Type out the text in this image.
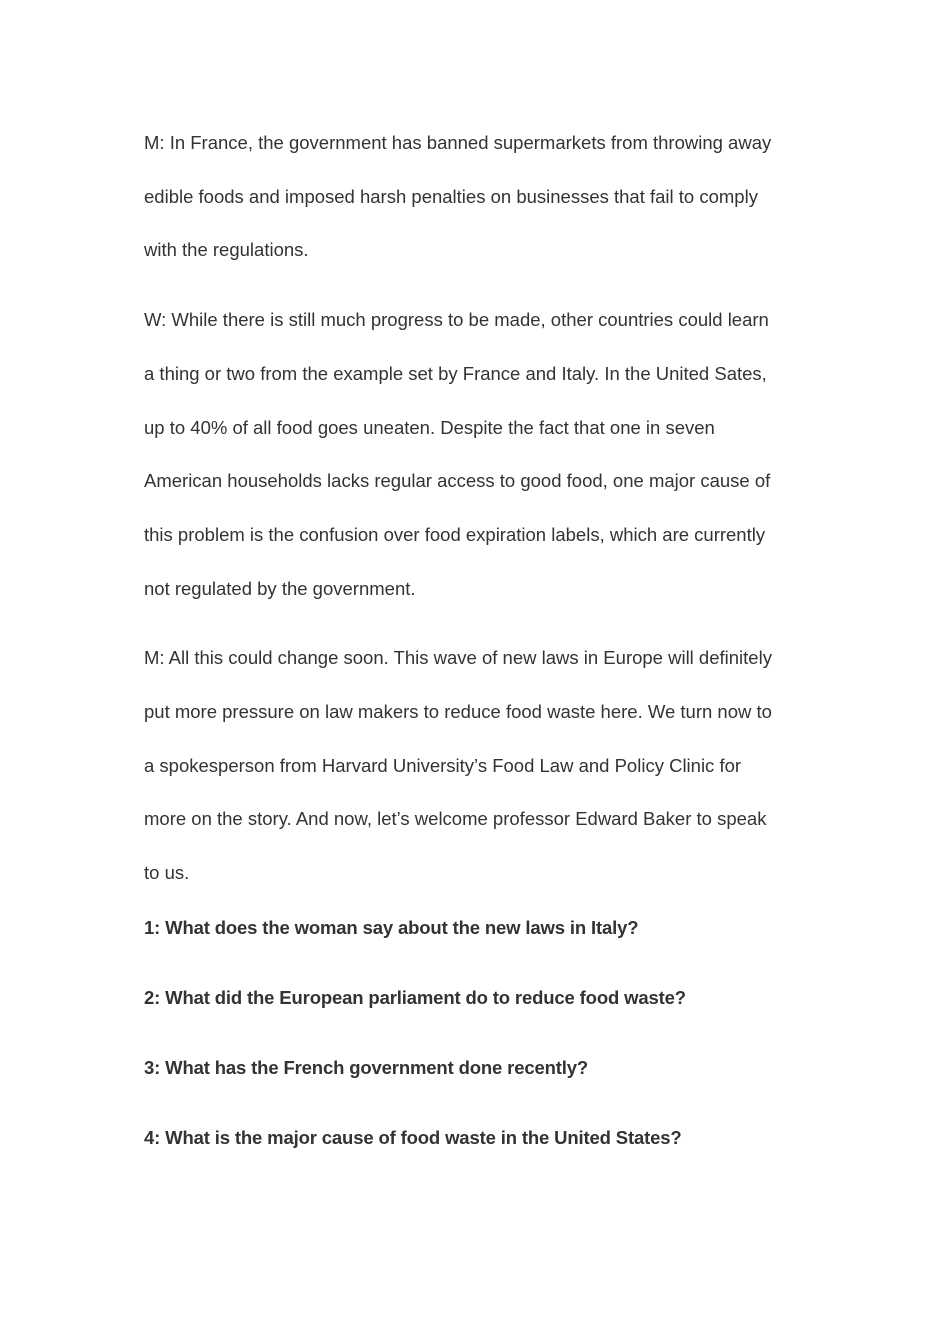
M: In France, the government has banned supermarkets from throwing away
edible foods and imposed harsh penalties on businesses that fail to comply
with the regulations.
W: While there is still much progress to be made, other countries could learn
a thing or two from the example set by France and Italy. In the United Sates,
up to 40% of all food goes uneaten. Despite the fact that one in seven
American households lacks regular access to good food, one major cause of
this problem is the confusion over food expiration labels, which are currently
not regulated by the government.
M: All this could change soon. This wave of new laws in Europe will definitely
put more pressure on law makers to reduce food waste here. We turn now to
a spokesperson from Harvard University’s Food Law and Policy Clinic for
more on the story. And now, let’s welcome professor Edward Baker to speak
to us.

1: What does the woman say about the new laws in Italy?

2: What did the European parliament do to reduce food waste?

3: What has the French government done recently?

4: What is the major cause of food waste in the United States?
